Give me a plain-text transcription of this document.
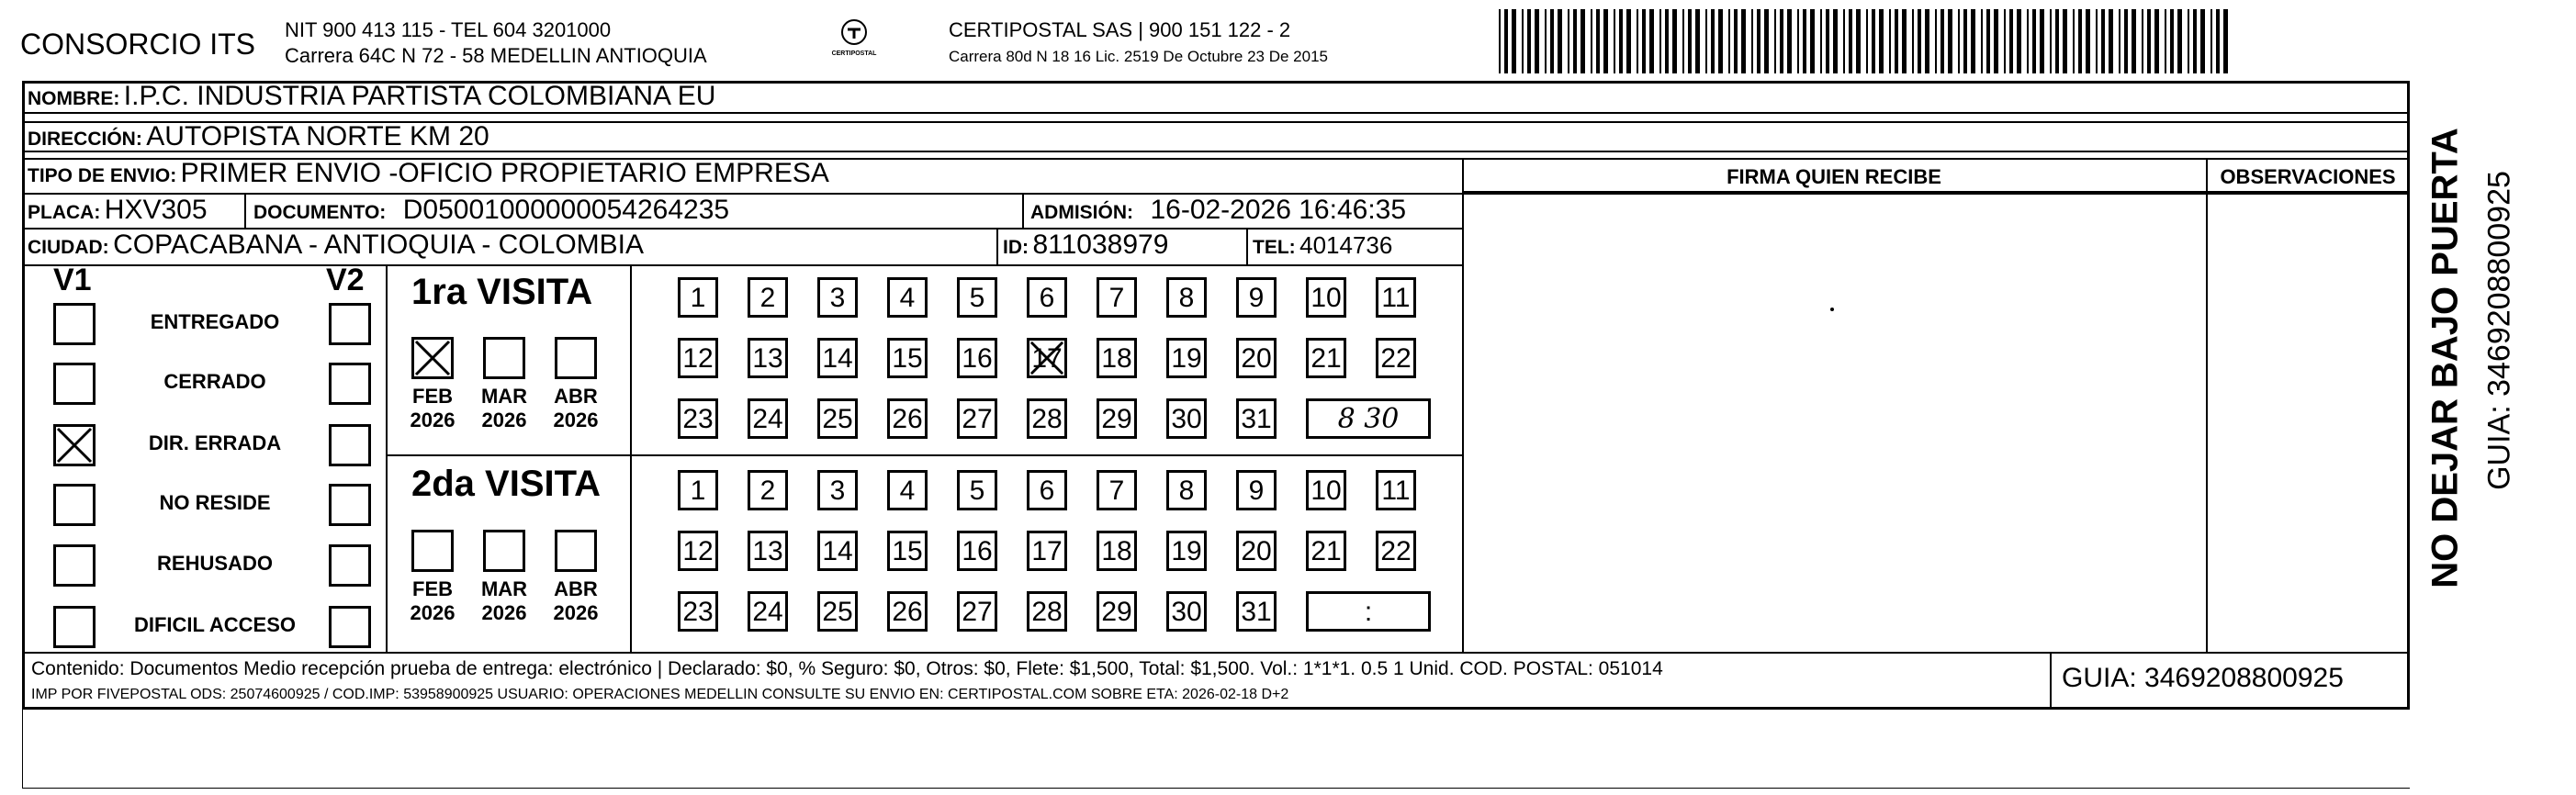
CONSORCIO ITS NIT 900 413 115 - TEL 604 3201000
Carrera 64C N 72 - 58 MEDELLIN ANTIOQUIA	CERTIPOSTAL
CERTIPOSTAL SAS | 900 151 122 - 2
Carrera 80d N 18 16 Lic. 2519 De Octubre 23 De 2015
NOMBRE: I.P.C. INDUSTRIA PARTISTA COLOMBIANA EU
DIRECCIÓN: AUTOPISTA NORTE KM 20
TIPO DE ENVIO: PRIMER ENVIO -OFICIO PROPIETARIO EMPRESA	FIRMA QUIEN RECIBE	OBSERVACIONES
PLACA: HXV305 DOCUMENTO: D05001000000054264235	ADMISIÓN: 16-02-2026 16:46:35
CIUDAD: COPACABANA - ANTIOQUIA - COLOMBIA	ID: 811038979	TEL: 4014736
V1	V2
ENTREGADO
CERRADO
DIR. ERRADA
NO RESIDE
REHUSADO
DIFICIL ACCESO
1ra VISITA
FEB
2026
MAR
2026
ABR
2026
1	2	3	4	5	6	7	8	9	10 11
12 13 14 15 16 17 18 19 20 21 22
23 24 25 26 27 28 29 30 31	8 30
2da VISITA
FEB
2026
MAR
2026
ABR
2026
1	2	3	4	5	6	7	8	9	10 11
12 13 14 15 16 17 18 19 20 21 22
23 24 25 26 27 28 29 30 31	:
Contenido: Documentos Medio recepción prueba de entrega: electrónico | Declarado: $0, % Seguro: $0, Otros: $0, Flete: $1,500, Total: $1,500. Vol.: 1*1*1. 0.5 1 Unid. COD. POSTAL: 051014
IMP POR FIVEPOSTAL ODS: 25074600925 / COD.IMP: 53958900925 USUARIO: OPERACIONES MEDELLIN CONSULTE SU ENVIO EN: CERTIPOSTAL.COM SOBRE ETA: 2026-02-18 D+2
GUIA: 3469208800925
NO DEJAR BAJO PUERTA GUIA: 3469208800925
